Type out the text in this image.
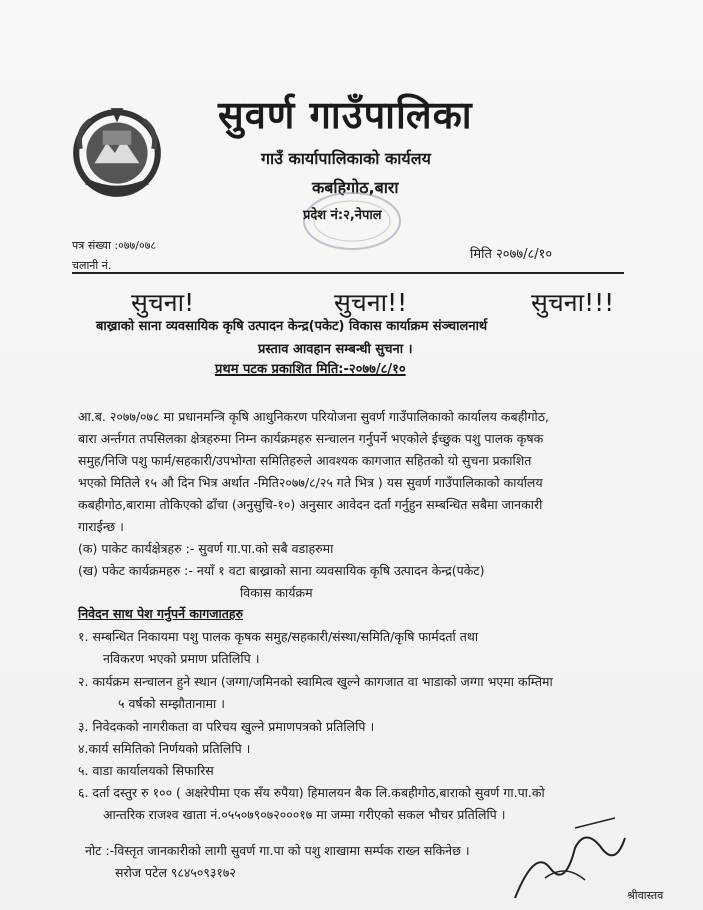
सुवर्ण गाउँपालिका
गाउँ कार्यापालिकाको कार्यलय
कबहिगोठ,बारा
प्रदेश नं:२,नेपाल
पत्र संख्या :०७७/०७८
चलानी नं.
मिति २०७७/८/१०
सुचना!	सुचना!!	सुचना!!!
बाख्राको साना व्यवसायिक कृषि उत्पादन केन्द्र(पकेट) विकास कार्याक्रम संञ्चालनार्थ
प्रस्ताव आवहान सम्बन्धी सुचना ।
प्रथम पटक प्रकाशित मिति:-२०७७/८/१०
आ.ब. २०७७/०७८ मा प्रधानमन्त्रि कृषि आधुनिकरण परियोजना सुवर्ण गाउँपालिकाको कार्यालय कबहीगोठ,
बारा अर्न्तगत तपसिलका क्षेत्रहरुमा निम्न कार्यक्रमहरु सन्चालन गर्नुपर्ने भएकोले ईच्छुक पशु पालक कृषक
समुह/निजि पशु फार्म/सहकारी/उपभोग्ता समितिहरुले आवश्यक कागजात सहितको यो सुचना प्रकाशित
भएको मितिले १५ औ दिन भित्र अर्थात -मिति२०७७/८/२५ गते भित्र ) यस सुवर्ण गाउँपालिकाको कार्यालय
कबहीगोठ,बारामा तोकिएको ढाँचा (अनुसुचि-१०) अनुसार आवेदन दर्ता गर्नुहुन सम्बन्धित सबैमा जानकारी
गाराईन्छ ।
(क) पाकेट कार्यक्षेत्रहरु :- सुवर्ण गा.पा.को सबै वडाहरुमा
(ख) पकेट कार्यक्रमहरु :- नयाँ १ वटा बाख्राको साना व्यवसायिक कृषि उत्पादन केन्द्र(पकेट)
विकास कार्यक्रम
निवेदन साथ पेश गर्नुपर्ने कागजातहरु
१. सम्बन्धित निकायमा पशु पालक कृषक समुह/सहकारी/संस्था/समिति/कृषि फार्मदर्ता तथा
नविकरण भएको प्रमाण प्रतिलिपि ।
२. कार्यक्रम सन्चालन हुने स्थान (जग्गा/जमिनको स्वामित्व खुल्ने कागजात वा भाडाको जग्गा भएमा कम्तिमा
५ वर्षको सम्झौतानामा ।
३. निवेदकको नागरीकता वा परिचय खुल्ने प्रमाणपत्रको प्रतिलिपि ।
४.कार्य समितिको निर्णयको प्रतिलिपि ।
५. वाडा कार्यालयको सिफारिस
६. दर्ता दस्तुर रु १०० ( अक्षरेपीमा एक सँय रुपैया) हिमालयन बैक लि.कबहीगोठ,बाराको सुवर्ण गा.पा.को
आन्तरिक राजश्व खाता नं.०५५०७९०७२०००१७ मा जम्मा गरीएको सकल भौचर प्रतिलिपि ।
नोट :-विस्तृत जानकारीको लागी सुवर्ण गा.पा को पशु शाखामा सर्म्पक राख्न सकिनेछ ।
सरोज पटेल ९८४५०९३१७२
श्रीवास्तव
